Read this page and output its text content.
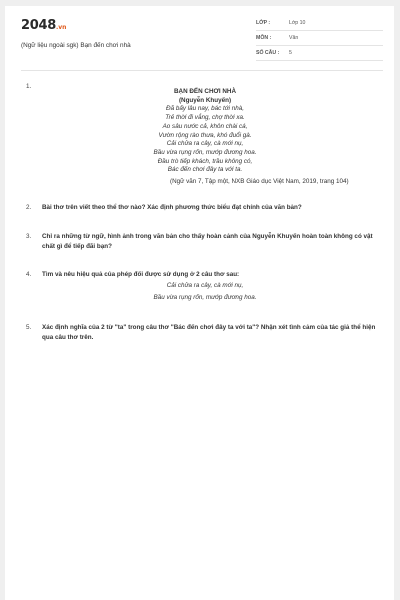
2048.vn
(Ngữ liệu ngoài sgk) Bạn đến chơi nhà
LỚP :	Lớp 10
MÔN :	Văn
SỐ CÂU : 5
1.
BẠN ĐẾN CHƠI NHÀ
(Nguyễn Khuyến)
Đã bấy lâu nay, bác tới nhà,
Trẻ thời đi vắng, chợ thời xa.
Ao sâu nước cả, khôn chài cá,
Vườn rộng rào thưa, khó đuổi gà.
Cải chửa ra cây, cà mới nụ,
Bầu vừa rụng rốn, mướp đương hoa.
Đầu trò tiếp khách, trầu không có,
Bác đến chơi đây ta với ta.
(Ngữ văn 7, Tập một, NXB Giáo dục Việt Nam, 2019, trang 104)
2. Bài thơ trên viết theo thể thơ nào? Xác định phương thức biểu đạt chính của văn bản?
3. Chỉ ra những từ ngữ, hình ảnh trong văn bản cho thấy hoàn cảnh của Nguyễn Khuyến hoàn toàn không có vật chất gì để tiếp đãi bạn?
4. Tìm và nêu hiệu quả của phép đối được sử dụng ở 2 câu thơ sau:
Cải chửa ra cây, cà mới nụ,
Bầu vừa rụng rốn, mướp đương hoa.
5. Xác định nghĩa của 2 từ "ta" trong câu thơ "Bác đến chơi đây ta với ta"? Nhận xét tình cảm của tác giả thể hiện qua câu thơ trên.
